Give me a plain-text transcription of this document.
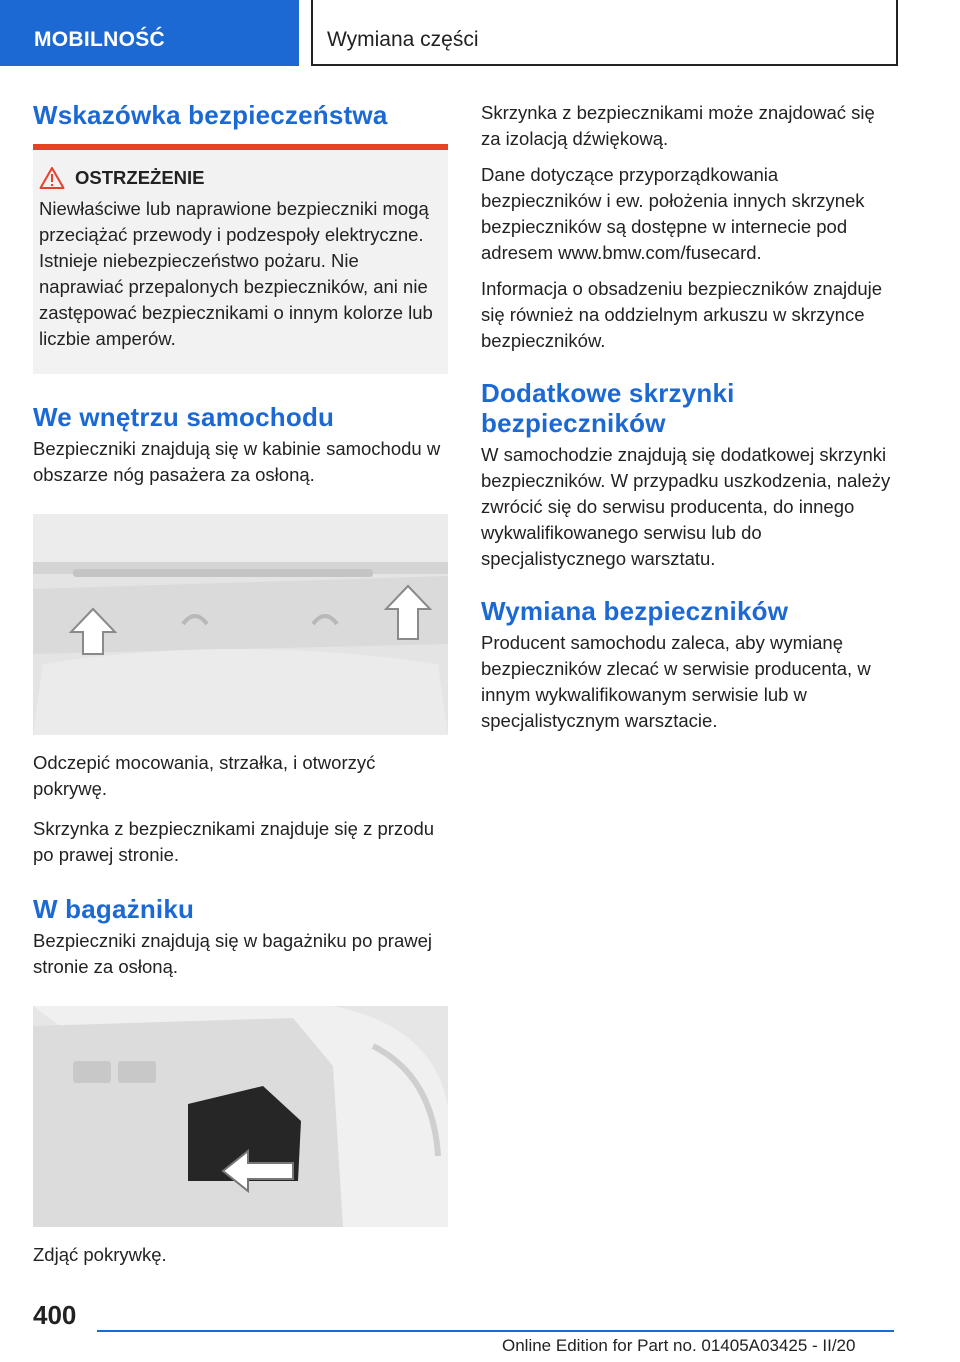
MOBILNOŚĆ	Wymiana części
Wskazówka bezpieczeństwa
OSTRZEŻENIE

Niewłaściwe lub naprawione bezpieczniki mogą przeciążać przewody i podzespoły elektryczne. Istnieje niebezpieczeństwo pożaru. Nie naprawiać przepalonych bezpieczników, ani nie zastępować bezpiecznikami o innym kolorze lub liczbie amperów.

We wnętrzu samochodu

Bezpieczniki znajdują się w kabinie samochodu w obszarze nóg pasażera za osłoną.

Odczepić mocowania, strzałka, i otworzyć pokrywę.

Skrzynka z bezpiecznikami znajduje się z przodu po prawej stronie.

W bagażniku

Bezpieczniki znajdują się w bagażniku po prawej stronie za osłoną.

Zdjąć pokrywkę.

Skrzynka z bezpiecznikami może znajdować się za izolacją dźwiękową.

Dane dotyczące przyporządkowania bezpieczników i ew. położenia innych skrzynek bezpieczników są dostępne w internecie pod adresem www.bmw.com/fusecard.

Informacja o obsadzeniu bezpieczników znajduje się również na oddzielnym arkuszu w skrzynce bezpieczników.

Dodatkowe skrzynki bezpieczników

W samochodzie znajdują się dodatkowej skrzynki bezpieczników. W przypadku uszkodzenia, należy zwrócić się do serwisu producenta, do innego wykwalifikowanego serwisu lub do specjalistycznego warsztatu.

Wymiana bezpieczników

Producent samochodu zaleca, aby wymianę bezpieczników zlecać w serwisie producenta, w innym wykwalifikowanym serwisie lub w specjalistycznym warsztacie.

400
Online Edition for Part no. 01405A03425 - II/20
